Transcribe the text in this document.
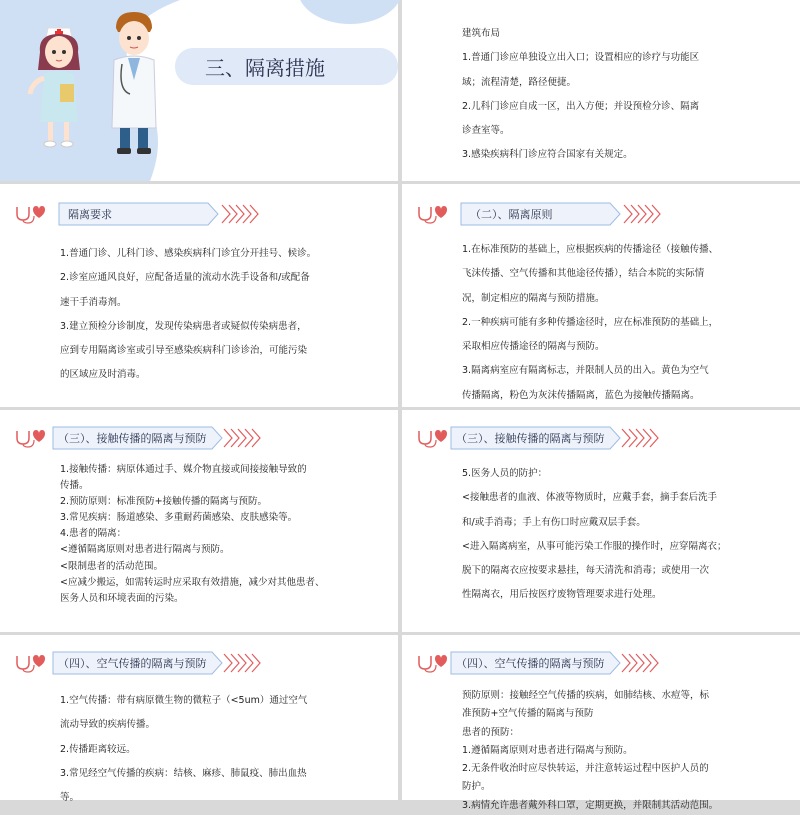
三、隔离措施

建筑布局

1.普通门诊应单独设立出入口；设置相应的诊疗与功能区

域；流程清楚，路径便捷。

2.儿科门诊应自成一区，出入方便；并设预检分诊、隔离

诊查室等。

3.感染疾病科门诊应符合国家有关规定。

隔离要求

1.普通门诊、儿科门诊、感染疾病科门诊宜分开挂号、候诊。

2.诊室应通风良好，应配备适量的流动水洗手设备和/或配备

速干手消毒剂。

3.建立预检分诊制度，发现传染病患者或疑似传染病患者，

应到专用隔离诊室或引导至感染疾病科门诊诊治，可能污染

的区域应及时消毒。

（二）、隔离原则

1.在标准预防的基础上，应根据疾病的传播途径（接触传播、

飞沫传播、空气传播和其他途径传播），结合本院的实际情

况，制定相应的隔离与预防措施。

2.一种疾病可能有多种传播途径时，应在标准预防的基础上，

采取相应传播途径的隔离与预防。

3.隔离病室应有隔离标志，并限制人员的出入。黄色为空气

传播隔离，粉色为灰沫传播隔离，蓝色为接触传播隔离。

（三）、接触传播的隔离与预防

1.接触传播：病原体通过手、媒介物直接或间接接触导致的

传播。

2.预防原则：标准预防+接触传播的隔离与预防。

3.常见疾病：肠道感染、多重耐药菌感染、皮肤感染等。

4.患者的隔离：

<遵循隔离原则对患者进行隔离与预防。

<限制患者的活动范围。

<应减少搬运，如需转运时应采取有效措施，减少对其他患者、

医务人员和环境表面的污染。

（三）、接触传播的隔离与预防

5.医务人员的防护：

<接触患者的血液、体液等物质时，应戴手套，摘手套后洗手

和/或手消毒；手上有伤口时应戴双层手套。

<进入隔离病室，从事可能污染工作服的操作时，应穿隔离衣；

脱下的隔离衣应按要求悬挂，每天清洗和消毒；或使用一次

性隔离衣，用后按医疗废物管理要求进行处理。

（四）、空气传播的隔离与预防

1.空气传播：带有病原微生物的微粒子（<5um）通过空气

流动导致的疾病传播。

2.传播距离较远。

3.常见经空气传播的疾病：结核、麻疹、肺鼠疫、肺出血热

等。

（四）、空气传播的隔离与预防

预防原则：接触经空气传播的疾病，如肺结核、水痘等，标

准预防+空气传播的隔离与预防

患者的预防：

1.遵循隔离原则对患者进行隔离与预防。

2.无条件收治时应尽快转运，并注意转运过程中医护人员的

防护。

3.病情允许患者戴外科口罩，定期更换，并限制其活动范围。
